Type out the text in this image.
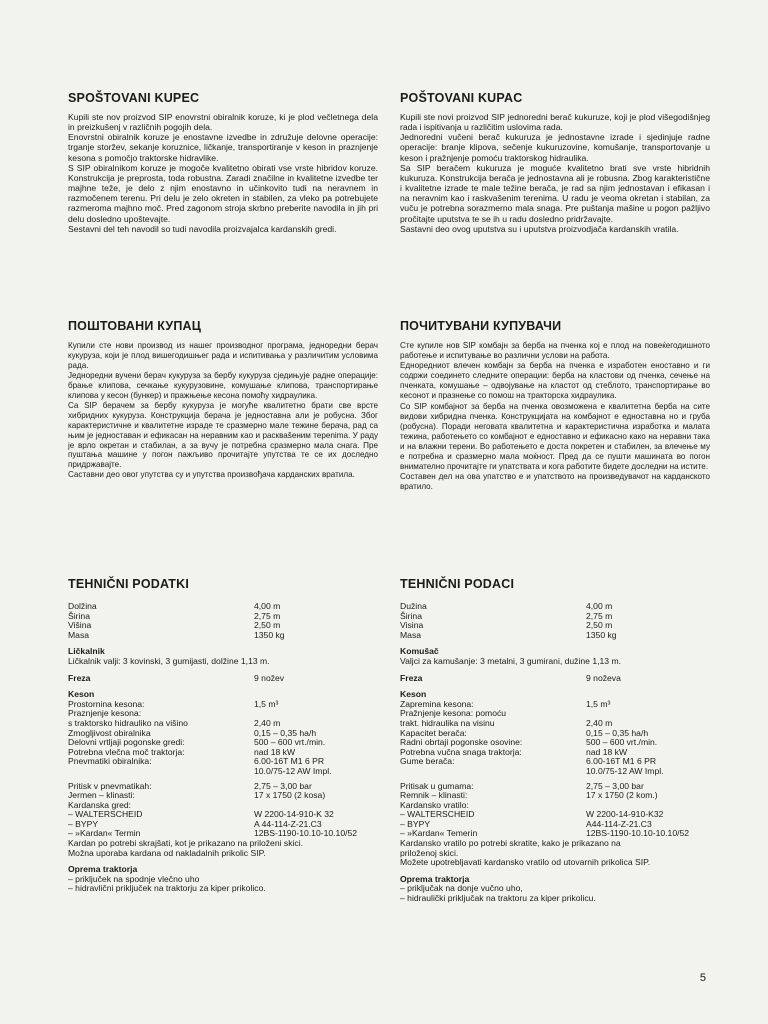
SPOŠTOVANI KUPEC
Kupili ste nov proizvod SIP enovrstni obiralnik koruze, ki je plod večletnega dela in preizkušenj v različnih pogojih dela.
Enovrstni obiralnik koruze je enostavne izvedbe in združuje delovne operacije: trganje storžev, sekanje koruznice, ličkanje, transportiranje v keson in praznjenje kesona s pomočjo traktorske hidravlike.
S SIP obiralnikom koruze je mogoče kvalitetno obirati vse vrste hibridov koruze. Konstrukcija je preprosta, toda robustna. Zaradi značilne in kvalitetne izvedbe ter majhne teže, je delo z njim enostavno in učinkovito tudi na neravnem in razmočenem terenu. Pri delu je zelo okreten in stabilen, za vleko pa potrebujete razmeroma majhno moč. Pred zagonom stroja skrbno preberite navodila in jih pri delu dosledno upoštevajte.
Sestavni del teh navodil so tudi navodila proizvajalca kardanskih gredi.
ПОШТОВАНИ КУПАЦ
Купили сте нови производ из нашег производног програма, једноредни берач кукуруза, који је плод вишегодишњег рада и испитивања у различитим условима рада.
Једноредни вучени берач кукуруза за бербу кукуруза сједињује радне операције: брање клипова, сечкање кукурузовине, комушање клипова, транспортирање клипова у кесон (бункер) и пражњење кесона помоћу хидраулика.
Са SIP берачем за бербу кукуруза је могуће квалитетно брати све врсте хибридних кукуруза. Конструкција берача је једноставна али је робусна. Због карактеристичне и квалитетне израде те сразмерно мале тежине берача, рад са њим је једноставан и ефикасан на неравним као и раскваšеним тереnima. У раду је врло окретан и стабилан, а за вучу је потребна сразмерно мала снага. Пре пуштања машине у погон пажљиво прочитајте упутства те се их доследно придржавајте.
Саставни део овог упутства су и упутства произвођача карданских вратила.
TEHNIČNI PODATKI
Dolžina	4,00 m
Širina	2,75 m
Višina	2,50 m
Masa	1350 kg
Ličkalnik
Ličkalnik valji: 3 kovinski, 3 gumijasti, dolžine 1,13 m.
Freza	9 nožev
Keson
Prostornina kesona:	1,5 m³
Praznjenje kesona:
s traktorsko hidrauliko na višino	2,40 m
Zmogljivost obiralnika	0,15 – 0,35 ha/h
Delovni vrtljaji pogonske gredi:	500 – 600 vrt./min.
Potrebna vlečna moč traktorja:	nad 18 kW
Pnevmatiki obiralnika:	6.00-16T M1 6 PR
10.0/75-12 AW Impl.
Pritisk v pnevmatikah:	2,75 – 3,00 bar
Jermen – klinasti:	17 x 1750 (2 kosa)
Kardanska gred:
– WALTERSCHEID	W 2200-14-910-K 32
– BYPY	A 44-114-Z-21.C3
– »Kardan« Termin	12BS-1190-10.10-10.10/52
Kardan po potrebi skrajšati, kot je prikazano na priloženi skici.
Možna uporaba kardana od nakladalnih prikolic SIP.
Oprema traktorja
– priključek na spodnje vlečno uho
– hidravlični priključek na traktorju za kiper prikolico.
POŠTOVANI KUPAC
Kupili ste novi proizvod SIP jednoredni berač kukuruze, koji je plod višegodišnjeg rada i ispitivanja u različitim uslovima rada.
Jednoredni vučeni berač kukuruza je jednostavne izrade i sjedinjuje radne operacije: branje klipova, sečenje kukuruzovine, komušanje, transportovanje u keson i pražnjenje pomoću traktorskog hidraulika.
Sa SIP beračem kukuruza je moguće kvalitetno brati sve vrste hibridnih kukuruza. Konstrukcija berača je jednostavna ali je robusna. Zbog karakterističnе i kvalitetne izrade te male težine berača, je rad sa njim jednostavan i efikasan i na neravnim kao i raskvašenim terenima. U radu je veoma okretan i stabilan, za vuču je potrebna sorazmerno mala snaga. Pre puštanja mašine u pogon pažljivo pročitajte uputstva te se ih u radu dosledno pridržavajte.
Sastavni deo ovog uputstva su i uputstva proizvodjača kardanskih vratila.
ПОЧИТУВАНИ КУПУВАЧИ
Сте купиле нов SIP комбајн за берба на пченка кој е плод на повеќегодишното работење и испитување во различни услови на работа.
Едноредниот влечен комбајн за берба на пченка е изработен еноставно и ги содржи соединето следните операции: берба на кластови од пченка, сечење на пченката, комушање – одвојување на кластот од стеблото, транспортирање во кесонот и празнење со помош на тракторска хидраулика.
Со SIP комбајнот за берба на пченка овозможена е квалитетна берба на сите видови хибридна пченка. Конструкцијата на комбајнот е едноставна но и груба (робусна). Поради неговата квалитетна и карактеристична изработка и малата тежина, работењето со комбајнот е едноставно и ефикасно како на неравни така и на влажни терени. Во работењето е доста покретен и стабилен, за влечење му е потребна и сразмерно мала моќност. Пред да се пушти машината во погон внимателно прочитајте ги упатствата и кога работите бидете доследни на истите.
Составен дел на ова упатство е и упатството на произведувачот на карданското вратило.
TEHNIČNI PODACI
Dužina	4,00 m
Širina	2,75 m
Visina	2,50 m
Masa	1350 kg
Komušač
Valjci za kamušanje: 3 metalni, 3 gumirani, dužine 1,13 m.
Freza	9 noževa
Keson
Zapremina kesona:	1,5 m³
Pražnjenje kesona: pomoću
trakt. hidraulika na visinu	2,40 m
Kapacitet berača:	0,15 – 0,35 ha/h
Radni obrtaji pogonske osovine:	500 – 600 vrt./min.
Potrebna vučna snaga traktorja:	nad 18 kW
Gume berača:	6.00-16T M1 6 PR
10.0/75-12 AW Impl.
Pritisak u gumama:	2,75 – 3,00 bar
Remnik – klinasti:	17 x 1750 (2 kom.)
Kardansko vratilo:
– WALTERSCHEID	W 2200-14-910-K32
– BYPY	A44-114-Z-21.C3
– »Kardan« Temerin	12BS-1190-10.10-10.10/52
Kardansko vratilo po potrebi skratite, kako je prikazano na
priloženoj skici.
Možete upotrebljavati kardansko vratilo od utovarnih prikolica SIP.
Oprema traktorja
– priključak na donje vučno uho,
– hidraulički priključak na traktoru za kiper prikolicu.
5
